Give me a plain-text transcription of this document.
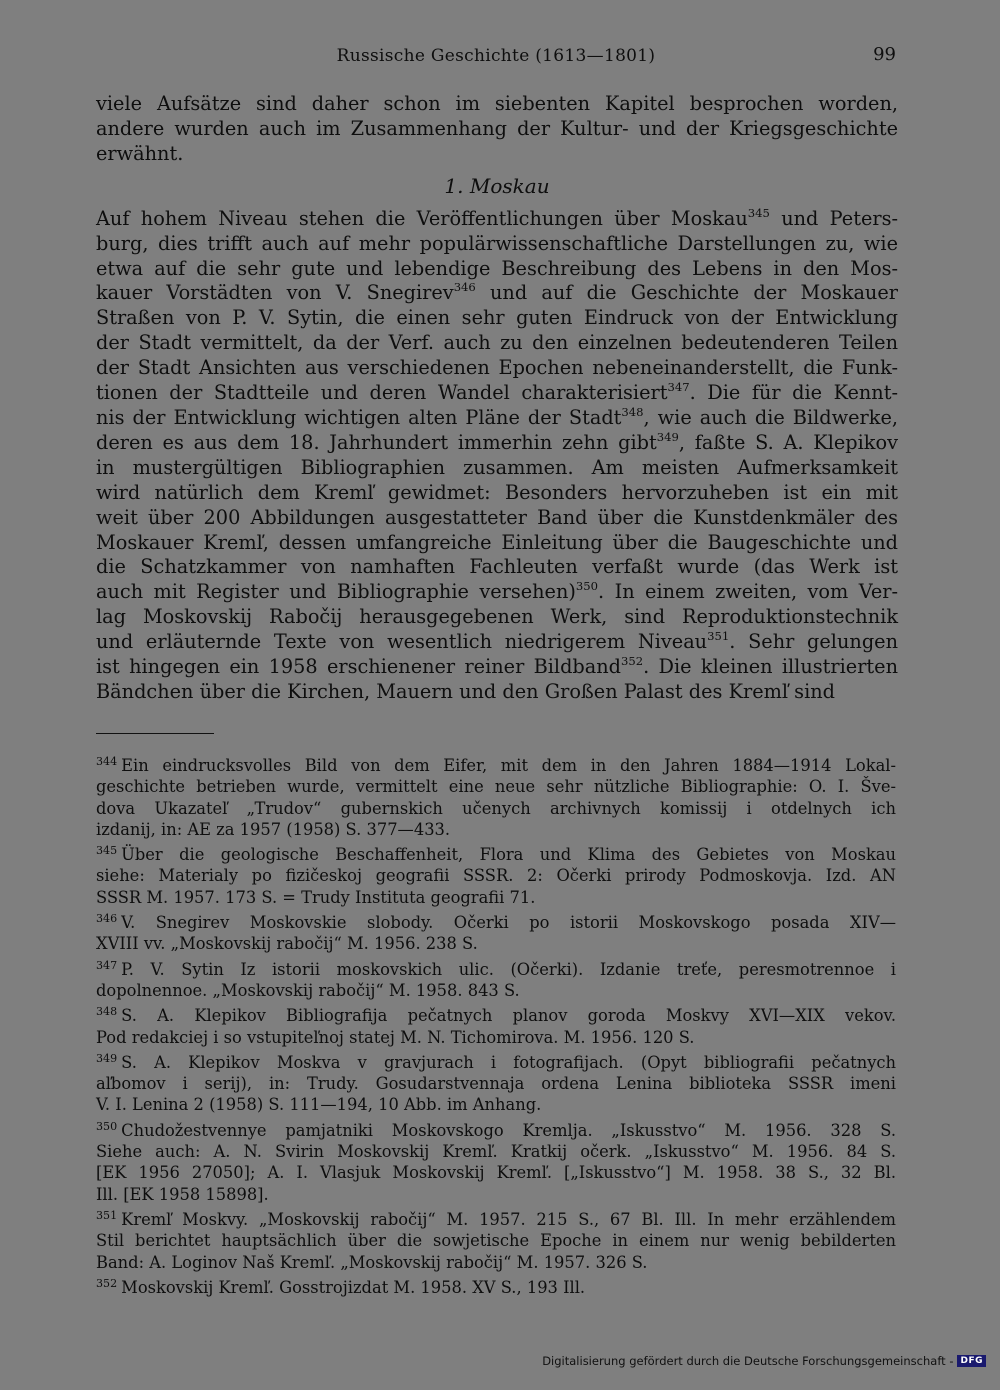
Russische Geschichte (1613—1801)	99
viele Aufsätze sind daher schon im siebenten Kapitel besprochen worden,
andere wurden auch im Zusammenhang der Kultur- und der Kriegsgeschichte
erwähnt.
1. Moskau
Auf hohem Niveau stehen die Veröffentlichungen über Moskau$^{345}$ und Peters-
burg, dies trifft auch auf mehr populärwissenschaftliche Darstellungen zu, wie
etwa auf die sehr gute und lebendige Beschreibung des Lebens in den Mos-
kauer Vorstädten von V. Snegirev$^{346}$ und auf die Geschichte der Moskauer
Straßen von P. V. Sytin, die einen sehr guten Eindruck von der Entwicklung
der Stadt vermittelt, da der Verf. auch zu den einzelnen bedeutenderen Teilen
der Stadt Ansichten aus verschiedenen Epochen nebeneinanderstellt, die Funk-
tionen der Stadtteile und deren Wandel charakterisiert$^{347}$. Die für die Kennt-
nis der Entwicklung wichtigen alten Pläne der Stadt$^{348}$, wie auch die Bildwerke,
deren es aus dem 18. Jahrhundert immerhin zehn gibt$^{349}$, faßte S. A. Klepikov
in mustergültigen Bibliographien zusammen. Am meisten Aufmerksamkeit
wird natürlich dem Kremľ gewidmet: Besonders hervorzuheben ist ein mit
weit über 200 Abbildungen ausgestatteter Band über die Kunstdenkmäler des
Moskauer Kremľ, dessen umfangreiche Einleitung über die Baugeschichte und
die Schatzkammer von namhaften Fachleuten verfaßt wurde (das Werk ist
auch mit Register und Bibliographie versehen)$^{350}$. In einem zweiten, vom Ver-
lag Moskovskij Rabočij herausgegebenen Werk, sind Reproduktionstechnik
und erläuternde Texte von wesentlich niedrigerem Niveau$^{351}$. Sehr gelungen
ist hingegen ein 1958 erschienener reiner Bildband$^{352}$. Die kleinen illustrierten
Bändchen über die Kirchen, Mauern und den Großen Palast des Kremľ sind
$^{344}$ Ein eindrucksvolles Bild von dem Eifer, mit dem in den Jahren 1884—1914 Lokal-
geschichte betrieben wurde, vermittelt eine neue sehr nützliche Bibliographie: O. I. Šve-
dova Ukazateľ „Trudov“ gubernskich učenych archivnych komissij i otdelnych ich
izdanij, in: AE za 1957 (1958) S. 377—433.
$^{345}$ Über die geologische Beschaffenheit, Flora und Klima des Gebietes von Moskau
siehe: Materialy po fizičeskoj geografii SSSR. 2: Očerki prirody Podmoskovja. Izd. AN
SSSR M. 1957. 173 S. = Trudy Instituta geografii 71.
$^{346}$ V. Snegirev Moskovskie slobody. Očerki po istorii Moskovskogo posada XIV—
XVIII vv. „Moskovskij rabočij“ M. 1956. 238 S.
$^{347}$ P. V. Sytin Iz istorii moskovskich ulic. (Očerki). Izdanie treťe, peresmotrennoe i
dopolnennoe. „Moskovskij rabočij“ M. 1958. 843 S.
$^{348}$ S. A. Klepikov Bibliografija pečatnych planov goroda Moskvy XVI—XIX vekov.
Pod redakciej i so vstupiteľnoj stateј M. N. Tichomirova. M. 1956. 120 S.
$^{349}$ S. A. Klepikov Moskva v gravjurach i fotografijach. (Opyt bibliografii pečatnych
aľbomov i serij), in: Trudy. Gosudarstvennaja ordena Lenina biblioteka SSSR imeni
V. I. Lenina 2 (1958) S. 111—194, 10 Abb. im Anhang.
$^{350}$ Chudožestvennye pamjatniki Moskovskogo Kremlja. „Iskusstvo“ M. 1956. 328 S.
Siehe auch: A. N. Svirin Moskovskij Kremľ. Kratkij očerk. „Iskusstvo“ M. 1956. 84 S.
[EK 1956 27050]; A. I. Vlasjuk Moskovskij Kremľ. [„Iskusstvo“] M. 1958. 38 S., 32 Bl.
Ill. [EK 1958 15898].
$^{351}$ Kremľ Moskvy. „Moskovskij rabočij“ M. 1957. 215 S., 67 Bl. Ill. In mehr erzählendem
Stil berichtet hauptsächlich über die sowjetische Epoche in einem nur wenig bebilderten
Band: A. Loginov Naš Kremľ. „Moskovskij rabočij“ M. 1957. 326 S.
$^{352}$ Moskovskij Kremľ. Gosstrojizdat M. 1958. XV S., 193 Ill.
Digitalisierung gefördert durch die Deutsche Forschungsgemeinschaft - DFG
